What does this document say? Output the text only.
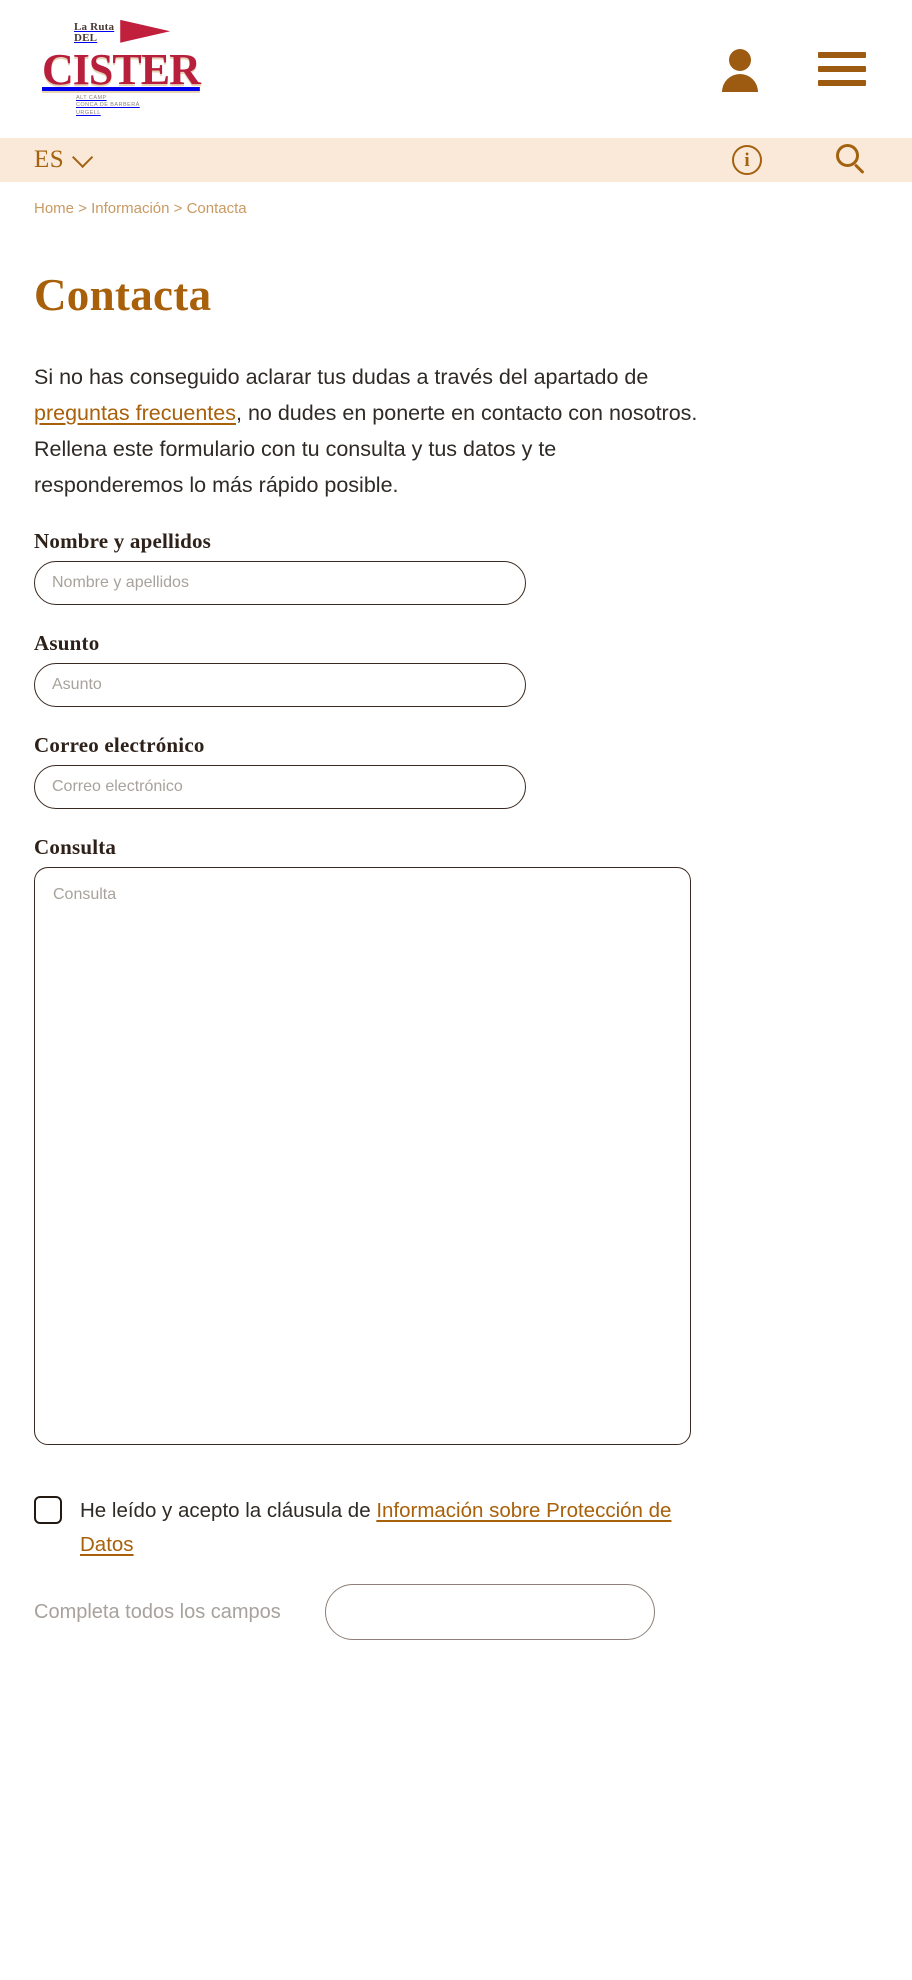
La Ruta
DEL
CISTER
ALT CAMP
CONCA DE BARBERÀ
URGELL
ES	i
Home > Información > Contacta
Contacta

Si no has conseguido aclarar tus dudas a través del apartado de preguntas frecuentes, no dudes en ponerte en contacto con nosotros. Rellena este formulario con tu consulta y tus datos y te responderemos lo más rápido posible.

Nombre y apellidos
Nombre y apellidos
Asunto
Asunto
Correo electrónico
Correo electrónico
Consulta
Consulta
He leído y acepto la cláusula de Información sobre Protección de Datos
Completa todos los campos
